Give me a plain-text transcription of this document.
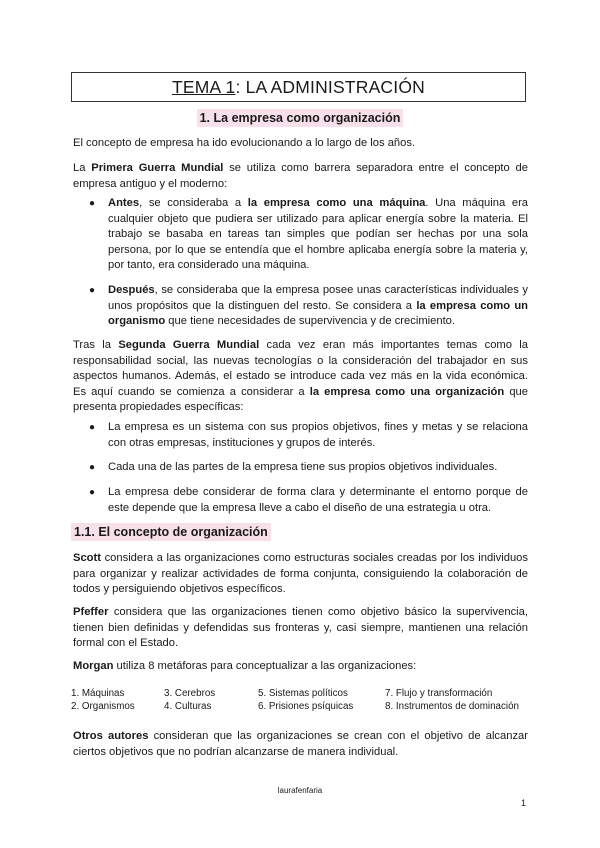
TEMA 1 : LA ADMINISTRACIÓN
1. La empresa como organización

El concepto de empresa ha ido evolucionando a lo largo de los años.

La Primera Guerra Mundial se utiliza como barrera separadora entre el concepto de empresa antiguo y el moderno:

● Antes, se consideraba a la empresa como una máquina. Una máquina era cualquier objeto que pudiera ser utilizado para aplicar energía sobre la materia. El trabajo se basaba en tareas tan simples que podían ser hechas por una sola persona, por lo que se entendía que el hombre aplicaba energía sobre la materia y, por tanto, era considerado una máquina.

● Después, se consideraba que la empresa posee unas características individuales y unos propósitos que la distinguen del resto. Se considera a la empresa como un organismo que tiene necesidades de supervivencia y de crecimiento.

Tras la Segunda Guerra Mundial cada vez eran más importantes temas como la responsabilidad social, las nuevas tecnologías o la consideración del trabajador en sus aspectos humanos. Además, el estado se introduce cada vez más en la vida económica. Es aquí cuando se comienza a considerar a la empresa como una organización que presenta propiedades específicas:

● La empresa es un sistema con sus propios objetivos, fines y metas y se relaciona con otras empresas, instituciones y grupos de interés.

● Cada una de las partes de la empresa tiene sus propios objetivos individuales.

● La empresa debe considerar de forma clara y determinante el entorno porque de este depende que la empresa lleve a cabo el diseño de una estrategia u otra.

1.1. El concepto de organización

Scott considera a las organizaciones como estructuras sociales creadas por los individuos para organizar y realizar actividades de forma conjunta, consiguiendo la colaboración de todos y persiguiendo objetivos específicos.

Pfeffer considera que las organizaciones tienen como objetivo básico la supervivencia, tienen bien definidas y defendidas sus fronteras y, casi siempre, mantienen una relación formal con el Estado.

Morgan utiliza 8 metáforas para conceptualizar a las organizaciones:

1. Máquinas
2. Organismos
3. Cerebros
4. Culturas
5. Sistemas políticos
6. Prisiones psíquicas
7. Flujo y transformación
8. Instrumentos de dominación

Otros autores consideran que las organizaciones se crean con el objetivo de alcanzar ciertos objetivos que no podrían alcanzarse de manera individual.

laurafenfaria
1
